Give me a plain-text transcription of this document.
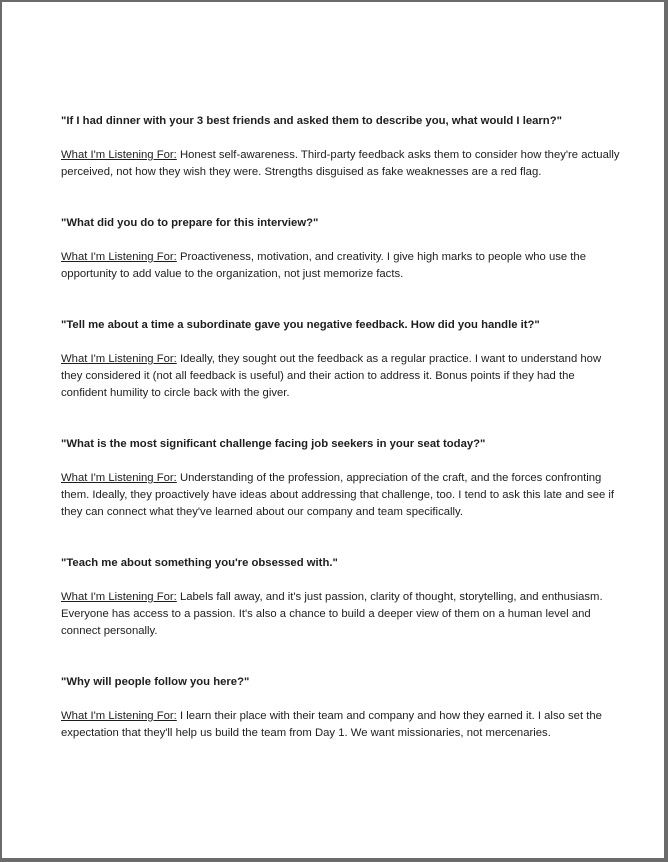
"If I had dinner with your 3 best friends and asked them to describe you, what would I learn?"

What I'm Listening For: Honest self-awareness. Third-party feedback asks them to consider how they're actually perceived, not how they wish they were. Strengths disguised as fake weaknesses are a red flag.

"What did you do to prepare for this interview?"

What I'm Listening For: Proactiveness, motivation, and creativity. I give high marks to people who use the opportunity to add value to the organization, not just memorize facts.

"Tell me about a time a subordinate gave you negative feedback. How did you handle it?"

What I'm Listening For: Ideally, they sought out the feedback as a regular practice. I want to understand how they considered it (not all feedback is useful) and their action to address it. Bonus points if they had the confident humility to circle back with the giver.

"What is the most significant challenge facing job seekers in your seat today?"

What I'm Listening For: Understanding of the profession, appreciation of the craft, and the forces confronting them. Ideally, they proactively have ideas about addressing that challenge, too. I tend to ask this late and see if they can connect what they've learned about our company and team specifically.

"Teach me about something you're obsessed with."

What I'm Listening For: Labels fall away, and it's just passion, clarity of thought, storytelling, and enthusiasm. Everyone has access to a passion. It's also a chance to build a deeper view of them on a human level and connect personally.

"Why will people follow you here?"

What I'm Listening For: I learn their place with their team and company and how they earned it. I also set the expectation that they'll help us build the team from Day 1. We want missionaries, not mercenaries.
